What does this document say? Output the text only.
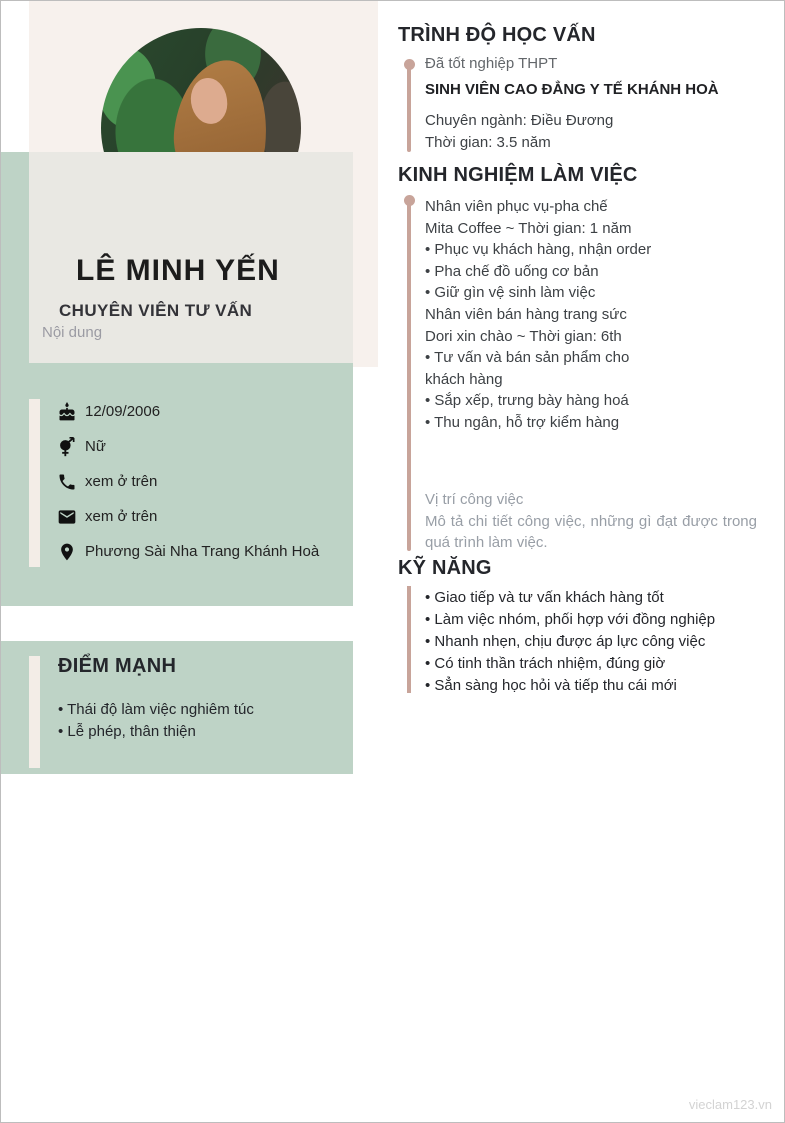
LÊ MINH YẾN
CHUYÊN VIÊN TƯ VẤN
Nội dung
12/09/2006
Nữ
xem ở trên
xem ở trên
Phương Sài Nha Trang Khánh Hoà
ĐIỂM MẠNH
• Thái độ làm việc nghiêm túc
• Lễ phép, thân thiện
TRÌNH ĐỘ HỌC VẤN
Đã tốt nghiệp THPT
SINH VIÊN CAO ĐẲNG Y TẾ KHÁNH HOÀ
Chuyên ngành: Điều Đương
Thời gian: 3.5 năm
KINH NGHIỆM LÀM VIỆC
Nhân viên phục vụ-pha chế
Mita Coffee ~ Thời gian: 1 năm
• Phục vụ khách hàng, nhận order
• Pha chế đồ uống cơ bản
• Giữ gìn vệ sinh làm việc
Nhân viên bán hàng trang sức
Dori xin chào ~ Thời gian: 6th
• Tư vấn và bán sản phẩm cho khách hàng
• Sắp xếp, trưng bày hàng hoá
• Thu ngân, hỗ trợ kiểm hàng
Vị trí công việc
Mô tả chi tiết công việc, những gì đạt được trong quá trình làm việc.
KỸ NĂNG
• Giao tiếp và tư vấn khách hàng tốt
• Làm việc nhóm, phối hợp với đồng nghiệp
• Nhanh nhẹn, chịu được áp lực công việc
• Có tinh thần trách nhiệm, đúng giờ
• Sẳn sàng học hỏi và tiếp thu cái mới
vieclam123.vn
